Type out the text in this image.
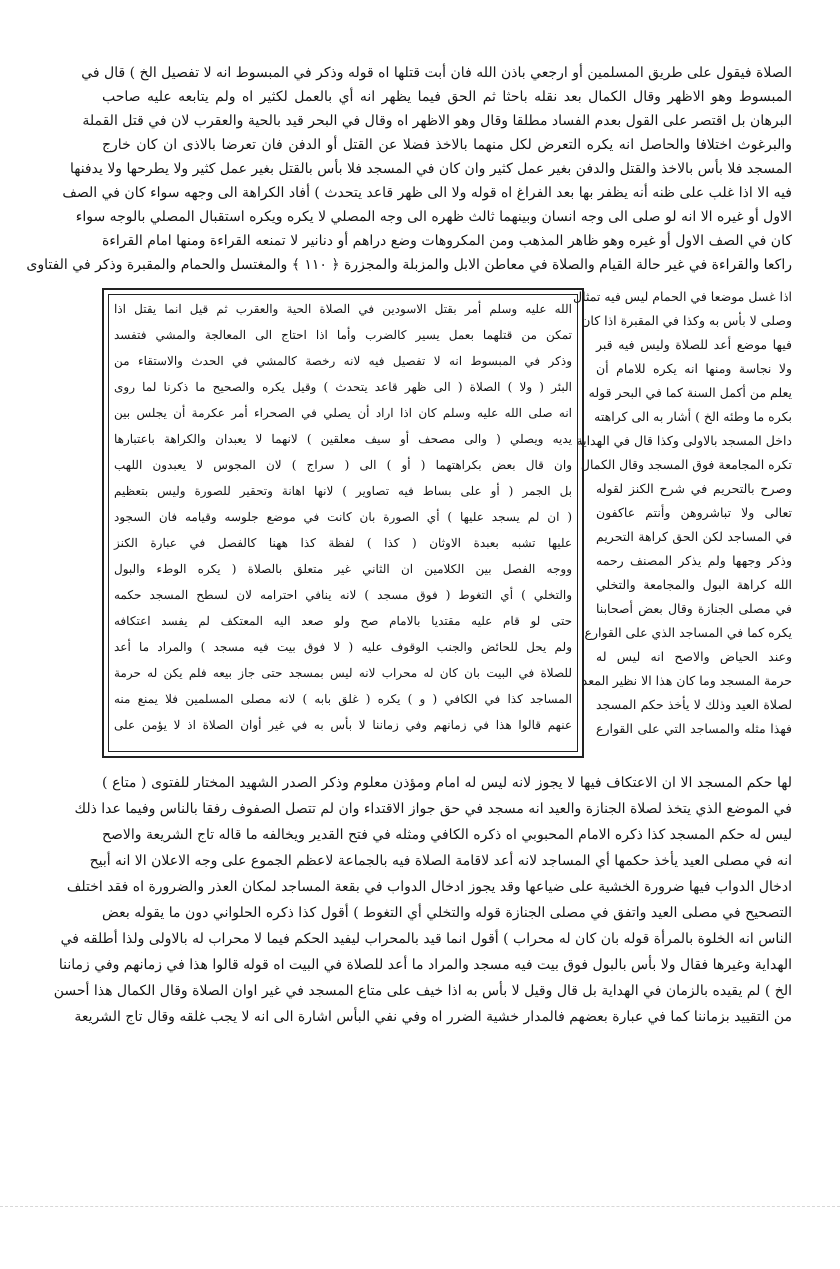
الصلاة فيقول على طريق المسلمين أو ارجعي باذن الله فان أبت قتلها اه قوله وذكر في المبسوط انه لا تفصيل الخ ) قال في
المبسوط وهو الاظهر وقال الكمال بعد نقله باحثا ثم الحق فيما يظهر انه أي بالعمل لكثير اه ولم يتابعه عليه صاحب
البرهان بل اقتصر على القول بعدم الفساد مطلقا وقال وهو الاظهر اه وقال في البحر قيد بالحية والعقرب لان في قتل القملة
والبرغوث اختلافا والحاصل انه يكره التعرض لكل منهما بالاخذ فضلا عن القتل أو الدفن فان تعرضا بالاذى ان كان خارج
المسجد فلا بأس بالاخذ والقتل والدفن بغير عمل كثير وان كان في المسجد فلا بأس بالقتل بغير عمل كثير ولا يطرحها ولا يدفنها
فيه الا اذا غلب على ظنه أنه يظفر بها بعد الفراغ اه قوله ولا الى ظهر قاعد يتحدث ) أفاد الكراهة الى وجهه سواء كان في الصف
الاول أو غيره الا انه لو صلى الى وجه انسان وبينهما ثالث ظهره الى وجه المصلي لا يكره ويكره استقبال المصلي بالوجه سواء
كان في الصف الاول أو غيره وهو ظاهر المذهب ومن المكروهات وضع دراهم أو دنانير لا تمنعه القراءة ومنها امام القراءة
راكعا والقراءة في غير حالة القيام والصلاة في معاطن الابل والمزبلة والمجزرة ﴿ ١١٠ ﴾ والمغتسل والحمام والمقبرة وذكر في الفتاوى
اذا غسل موضعا في الحمام ليس فيه تمثال
وصلى لا بأس به وكذا في المقبرة اذا كان
فيها موضع أعد للصلاة وليس فيه قبر
ولا نجاسة ومنها انه يكره للامام أن
يعلم من أكمل السنة كما في البحر قوله
بكره ما وطئه الخ ) أشار به الى كراهته
داخل المسجد بالاولى وكذا قال في الهداية
تكره المجامعة فوق المسجد وقال الكمال
وصرح بالتحريم في شرح الكنز لقوله
تعالى ولا تباشروهن وأنتم عاكفون
في المساجد لكن الحق كراهة التحريم
وذكر وجهها ولم يذكر المصنف رحمه
الله كراهة البول والمجامعة والتخلي
في مصلى الجنازة وقال بعض أصحابنا
يكره كما في المساجد الذي على القوارع
وعند الحياض والاصح انه ليس له
حرمة المسجد وما كان هذا الا نظير المعد
لصلاة العيد وذلك لا يأخذ حكم المسجد
فهذا مثله والمساجد التي على القوارع
الله عليه وسلم أمر بقتل الاسودين في الصلاة الحية والعقرب ثم قيل انما يقتل اذا
تمكن من قتلهما بعمل يسير كالضرب وأما اذا احتاج الى المعالجة والمشي فتفسد
وذكر في المبسوط انه لا تفصيل فيه لانه رخصة كالمشي في الحدث والاستقاء من
البئر ( ولا ) الصلاة ( الى ظهر قاعد يتحدث ) وقيل يكره والصحيح ما ذكرنا لما روى
انه صلى الله عليه وسلم كان اذا اراد أن يصلي في الصحراء أمر عكرمة أن يجلس بين
يديه ويصلي ( والى مصحف أو سيف معلقين ) لانهما لا يعبدان والكراهة باعتبارها
وان قال بعض بكراهتهما ( أو ) الى ( سراج ) لان المجوس لا يعبدون اللهب
بل الجمر ( أو على بساط فيه تصاوير ) لانها اهانة وتحقير للصورة وليس بتعظيم
( ان لم يسجد عليها ) أي الصورة بان كانت في موضع جلوسه وقيامه فان السجود
عليها تشبه بعبدة الاوثان ( كذا ) لفظة كذا ههنا كالفصل في عبارة الكنز
ووجه الفصل بين الكلامين ان الثاني غير متعلق بالصلاة ( يكره الوطء والبول
والتخلي ) أي التغوط ( فوق مسجد ) لانه ينافي احترامه لان لسطح المسجد حكمه
حتى لو قام عليه مقتديا بالامام صح ولو صعد اليه المعتكف لم يفسد اعتكافه
ولم يحل للحائض والجنب الوقوف عليه ( لا فوق بيت فيه مسجد ) والمراد ما أعد
للصلاة في البيت بان كان له محراب لانه ليس بمسجد حتى جاز بيعه فلم يكن له حرمة
المساجد كذا في الكافي ( و ) يكره ( غلق بابه ) لانه مصلى المسلمين فلا يمنع منه
عنهم قالوا هذا في زمانهم وفي زماننا لا بأس به في غير أوان الصلاة اذ لا يؤمن على
لها حكم المسجد الا ان الاعتكاف فيها لا يجوز لانه ليس له امام ومؤذن معلوم وذكر الصدر الشهيد المختار للفتوى ( متاع )
في الموضع الذي يتخذ لصلاة الجنازة والعيد انه مسجد في حق جواز الاقتداء وان لم تتصل الصفوف رفقا بالناس وفيما عدا ذلك
ليس له حكم المسجد كذا ذكره الامام المحبوبي اه ذكره الكافي ومثله في فتح القدير ويخالفه ما قاله تاج الشريعة والاصح
انه في مصلى العيد يأخذ حكمها أي المساجد لانه أعد لاقامة الصلاة فيه بالجماعة لاعظم الجموع على وجه الاعلان الا انه أبيح
ادخال الدواب فيها ضرورة الخشية على ضياعها وقد يجوز ادخال الدواب في بقعة المساجد لمكان العذر والضرورة اه فقد اختلف
التصحيح في مصلى العيد واتفق في مصلى الجنازة قوله والتخلي أي التغوط ) أقول كذا ذكره الحلواني دون ما يقوله بعض
الناس انه الخلوة بالمرأة قوله بان كان له محراب ) أقول انما قيد بالمحراب ليفيد الحكم فيما لا محراب له بالاولى ولذا أطلقه في
الهداية وغيرها فقال ولا بأس بالبول فوق بيت فيه مسجد والمراد ما أعد للصلاة في البيت اه قوله قالوا هذا في زمانهم وفي زماننا
الخ ) لم يقيده بالزمان في الهداية بل قال وقيل لا بأس به اذا خيف على متاع المسجد في غير اوان الصلاة وقال الكمال هذا أحسن
من التقييد بزماننا كما في عبارة بعضهم فالمدار خشية الضرر اه وفي نفي البأس اشارة الى انه لا يجب غلقه وقال تاج الشريعة
